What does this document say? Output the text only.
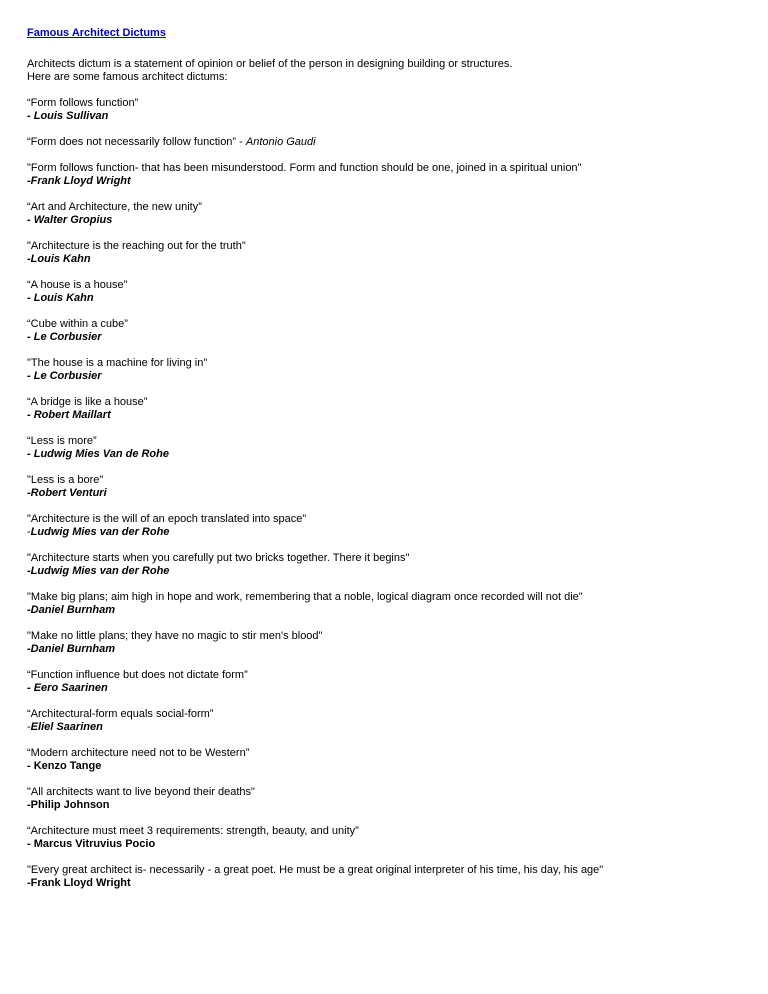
Famous Architect Dictums
Architects dictum is a statement of opinion or belief of the person in designing building or structures.
Here are some famous architect dictums:
“Form follows function”
- Louis Sullivan
“Form does not necessarily follow function” - Antonio Gaudi
"Form follows function- that has been misunderstood. Form and function should be one, joined in a spiritual union"
-Frank Lloyd Wright
“Art and Architecture, the new unity”
- Walter Gropius
"Architecture is the reaching out for the truth"
-Louis Kahn
“A house is a house”
- Louis Kahn
“Cube within a cube”
- Le Corbusier
"The house is a machine for living in"
- Le Corbusier
“A bridge is like a house”
- Robert Maillart
“Less is more”
- Ludwig Mies Van de Rohe
"Less is a bore"
-Robert Venturi
"Architecture is the will of an epoch translated into space"
-Ludwig Mies van der Rohe
"Architecture starts when you carefully put two bricks together. There it begins"
-Ludwig Mies van der Rohe
"Make big plans; aim high in hope and work, remembering that a noble, logical diagram once recorded will not die"
-Daniel Burnham
"Make no little plans; they have no magic to stir men's blood"
-Daniel Burnham
“Function influence but does not dictate form”
- Eero Saarinen
“Architectural-form equals social-form”
-Eliel Saarinen
“Modern architecture need not to be Western”
- Kenzo Tange
"All architects want to live beyond their deaths"
-Philip Johnson
“Architecture must meet 3 requirements: strength, beauty, and unity”
- Marcus Vitruvius Pocio
"Every great architect is- necessarily - a great poet. He must be a great original interpreter of his time, his day, his age"
-Frank Lloyd Wright
